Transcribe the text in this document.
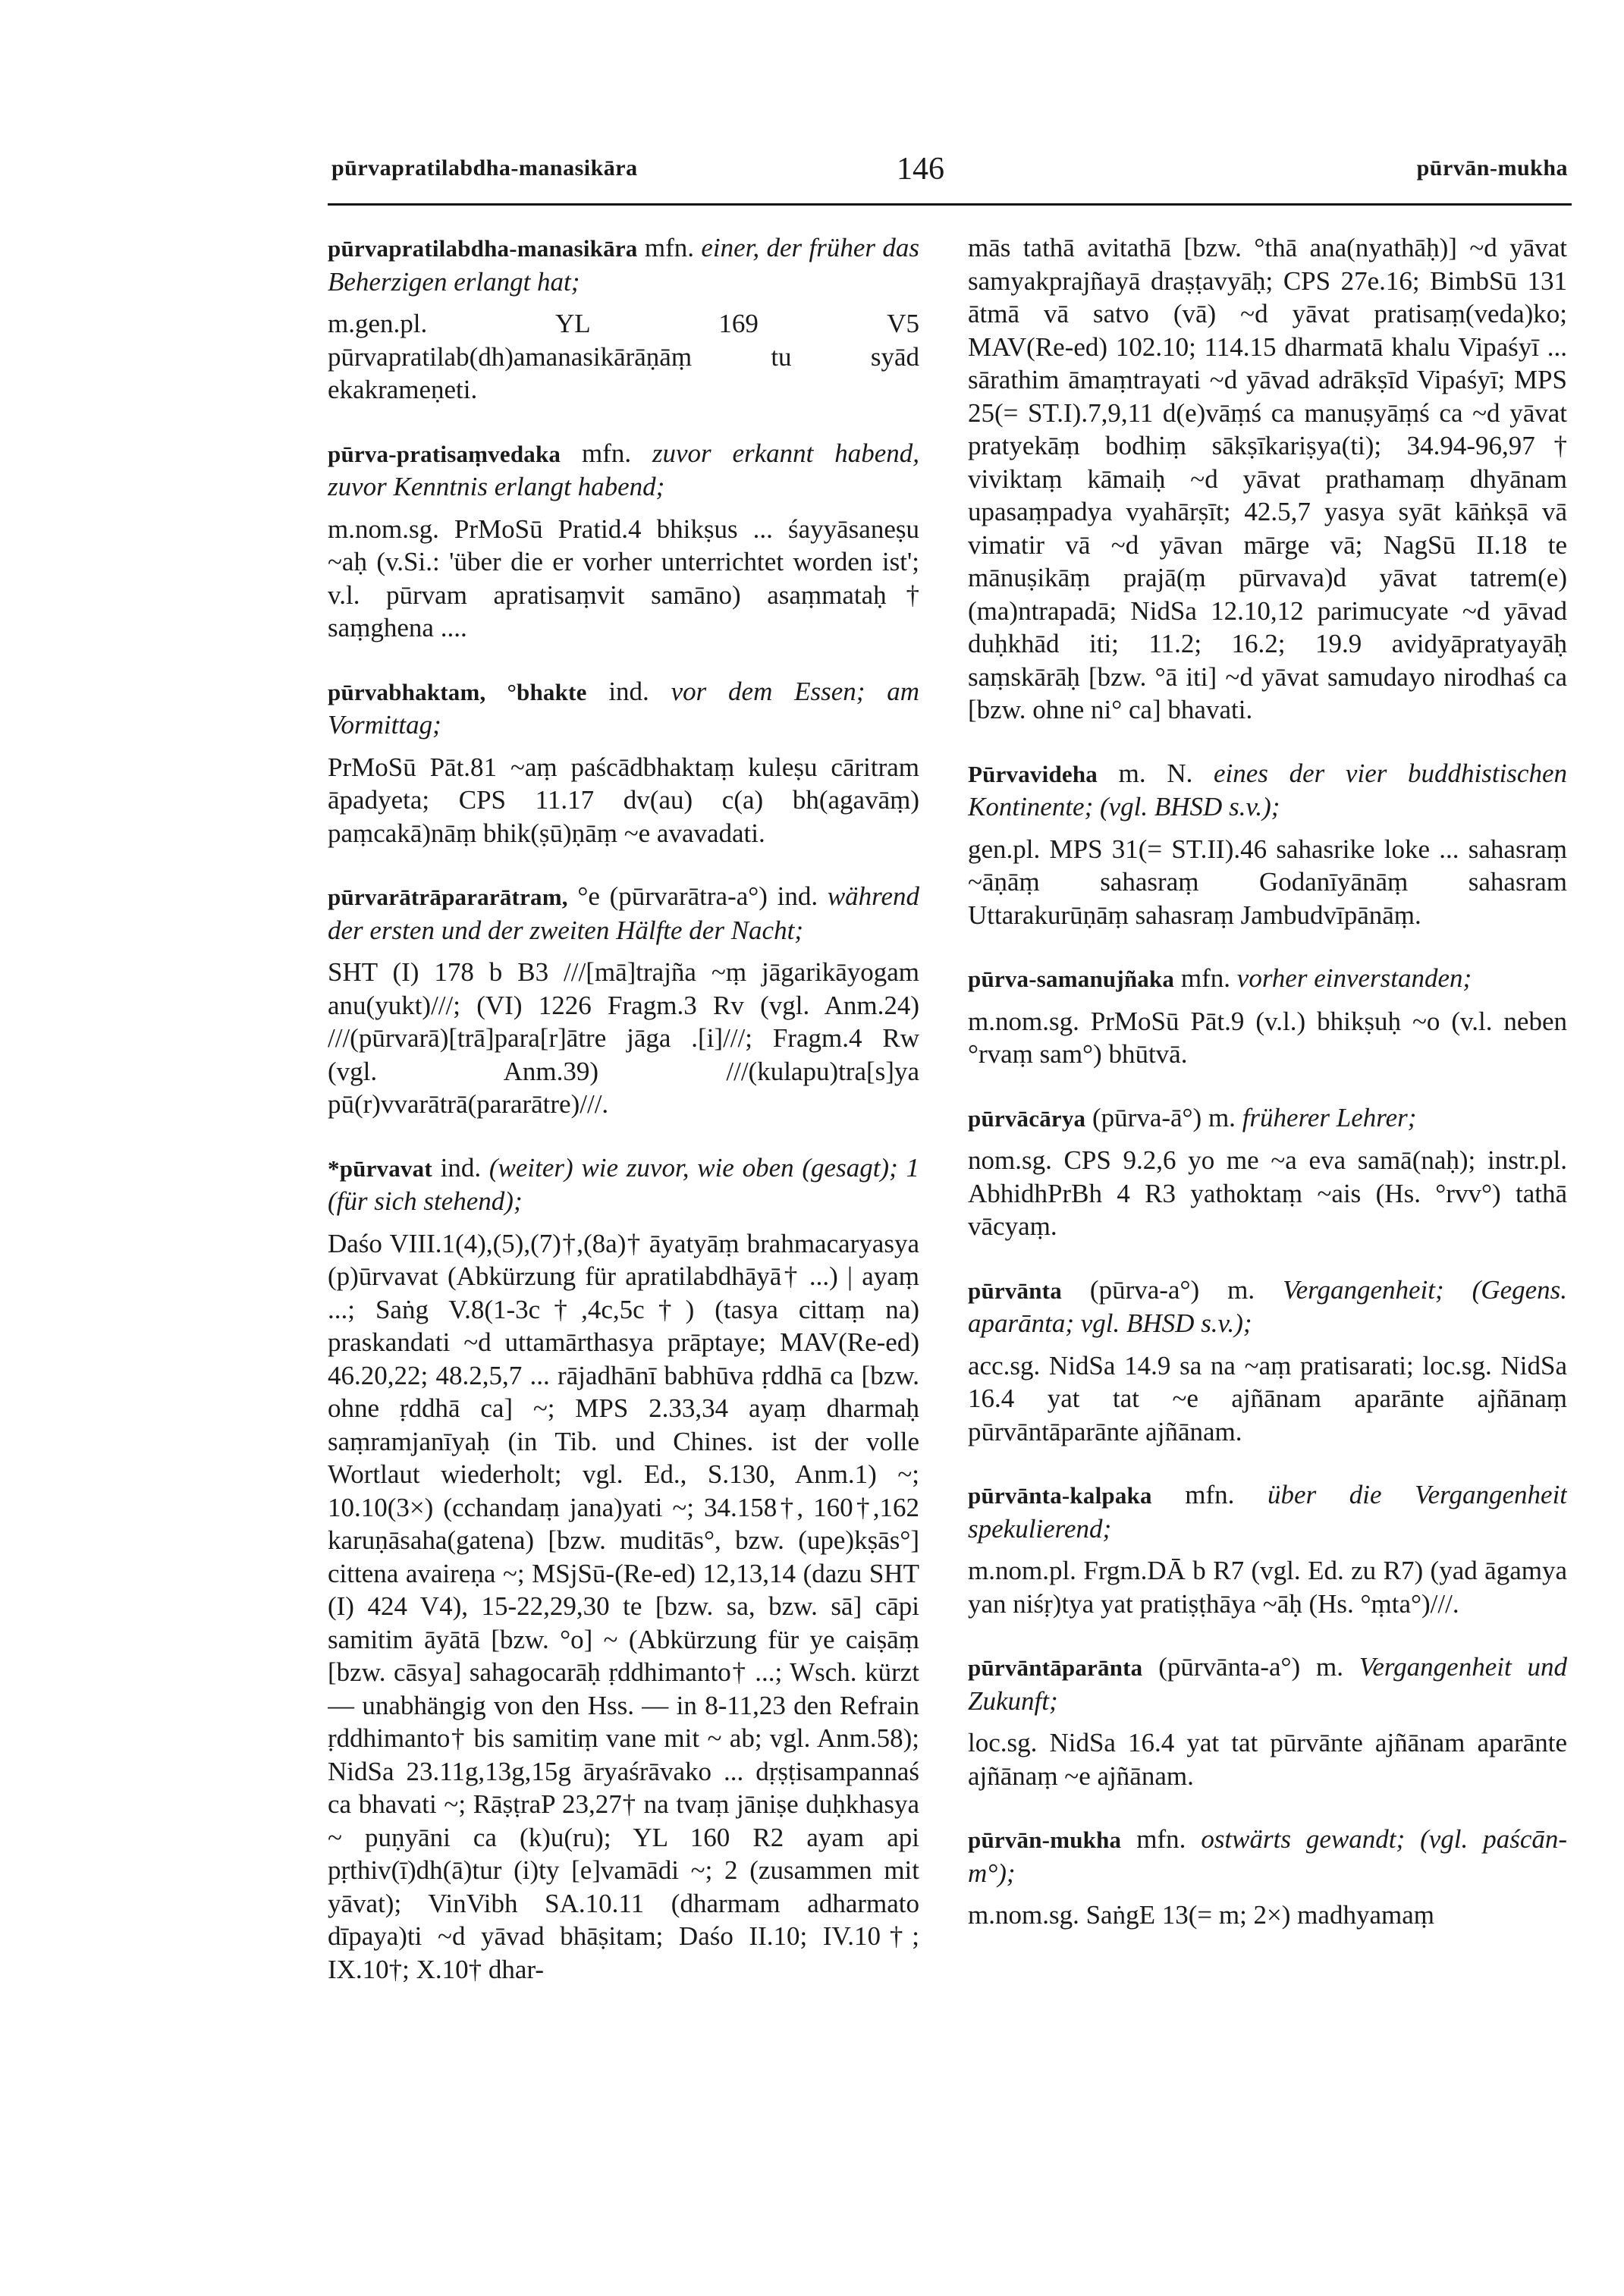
pūrvapratilabdha-manasikāra	146	pūrvān-mukha

pūrvapratilabdha-manasikāra mfn. einer, der früher das Beherzigen erlangt hat;

m.gen.pl. YL 169 V5 pūrvapratilab(dh)amanasikārāṇāṃ tu syād ekakrameṇeti.

pūrva-pratisaṃvedaka mfn. zuvor erkannt habend, zuvor Kenntnis erlangt habend;

m.nom.sg. PrMoSū Pratid.4 bhikṣus ... śayyāsaneṣu ~aḥ (v.Si.: 'über die er vorher unterrichtet worden ist'; v.l. pūrvam apratisaṃvit samāno) asaṃmataḥ† saṃghena ....

pūrvabhaktam, °bhakte ind. vor dem Essen; am Vormittag;

PrMoSū Pāt.81 ~aṃ paścādbhaktaṃ kuleṣu cāritram āpadyeta; CPS 11.17 dv(au) c(a) bh(agavāṃ) paṃcakā)nāṃ bhik(ṣū)ṇāṃ ~e avavadati.

pūrvarātrāpararātram, °e (pūrvarātra-a°) ind. während der ersten und der zweiten Hälfte der Nacht;

SHT (I) 178 b B3 ///[mā]trajña ~ṃ jāgarikāyogam anu(yukt)///; (VI) 1226 Fragm.3 Rv (vgl. Anm.24) ///(pūrvarā)[trā]para[r]ātre jāga .[i]///; Fragm.4 Rw (vgl. Anm.39) ///(kulapu)tra[s]ya pū(r)vvarātrā(pararātre)///.

*pūrvavat ind. (weiter) wie zuvor, wie oben (gesagt); 1 (für sich stehend);

Daśo VIII.1(4),(5),(7)†,(8a)† āyatyāṃ brahmacaryasya (p)ūrvavat (Abkürzung für apratilabdhāyā† ...) | ayaṃ ...; Saṅg V.8(1-3c†,4c,5c†) (tasya cittaṃ na) praskandati ~d uttamārthasya prāptaye; MAV(Re-ed) 46.20,22; 48.2,5,7 ... rājadhānī babhūva ṛddhā ca [bzw. ohne ṛddhā ca] ~; MPS 2.33,34 ayaṃ dharmaḥ saṃramjanīyaḥ (in Tib. und Chines. ist der volle Wortlaut wiederholt; vgl. Ed., S.130, Anm.1) ~; 10.10(3×) (cchandaṃ jana)yati ~; 34.158†, 160†,162 karuṇāsaha(gatena) [bzw. muditās°, bzw. (upe)kṣās°] cittena avaireṇa ~; MSjSū-(Re-ed) 12,13,14 (dazu SHT (I) 424 V4), 15-22,29,30 te [bzw. sa, bzw. sā] cāpi samitim āyātā [bzw. °o] ~ (Abkürzung für ye caiṣāṃ [bzw. cāsya] sahagocarāḥ ṛddhimanto† ...; Wsch. kürzt — unabhängig von den Hss. — in 8-11,23 den Refrain ṛddhimanto† bis samitiṃ vane mit ~ ab; vgl. Anm.58); NidSa 23.11g,13g,15g āryaśrāvako ... dṛṣṭisampannaś ca bhavati ~; RāṣṭraP 23,27† na tvaṃ jāniṣe duḥkhasya ~ puṇyāni ca (k)u(ru); YL 160 R2 ayam api pṛthiv(ī)dh(ā)tur (i)ty [e]vamādi ~; 2 (zusammen mit yāvat); VinVibh SA.10.11 (dharmam adharmato dīpaya)ti ~d yāvad bhāṣitam; Daśo II.10; IV.10†; IX.10†; X.10† dhar-

mās tathā avitathā [bzw. °thā ana(nyathāḥ)] ~d yāvat samyakprajñayā draṣṭavyāḥ; CPS 27e.16; BimbSū 131 ātmā vā satvo (vā) ~d yāvat pratisaṃ(veda)ko; MAV(Re-ed) 102.10; 114.15 dharmatā khalu Vipaśyī ... sārathim āmaṃtrayati ~d yāvad adrākṣīd Vipaśyī; MPS 25(= ST.I).7,9,11 d(e)vāṃś ca manuṣyāṃś ca ~d yāvat pratyekāṃ bodhiṃ sākṣīkariṣya(ti); 34.94-96,97† viviktaṃ kāmaiḥ ~d yāvat prathamaṃ dhyānam upasaṃpadya vyahārṣīt; 42.5,7 yasya syāt kāṅkṣā vā vimatir vā ~d yāvan mārge vā; NagSū II.18 te mānuṣikāṃ prajā(ṃ pūrvava)d yāvat tatrem(e) (ma)ntrapadā; NidSa 12.10,12 parimucyate ~d yāvad duḥkhād iti; 11.2; 16.2; 19.9 avidyāpratyayāḥ saṃskārāḥ [bzw. °ā iti] ~d yāvat samudayo nirodhaś ca [bzw. ohne ni° ca] bhavati.

Pūrvavideha m. N. eines der vier buddhistischen Kontinente; (vgl. BHSD s.v.);

gen.pl. MPS 31(= ST.II).46 sahasrike loke ... sahasraṃ ~āṇāṃ sahasraṃ Godanīyānāṃ sahasram Uttarakurūṇāṃ sahasraṃ Jambudvīpānāṃ.

pūrva-samanujñaka mfn. vorher einverstanden;

m.nom.sg. PrMoSū Pāt.9 (v.l.) bhikṣuḥ ~o (v.l. neben °rvaṃ sam°) bhūtvā.

pūrvācārya (pūrva-ā°) m. früherer Lehrer;

nom.sg. CPS 9.2,6 yo me ~a eva samā(naḥ); instr.pl. AbhidhPrBh 4 R3 yathoktaṃ ~ais (Hs. °rvv°) tathā vācyaṃ.

pūrvānta (pūrva-a°) m. Vergangenheit; (Gegens. aparānta; vgl. BHSD s.v.);

acc.sg. NidSa 14.9 sa na ~aṃ pratisarati; loc.sg. NidSa 16.4 yat tat ~e ajñānam aparānte ajñānaṃ pūrvāntāparānte ajñānam.

pūrvānta-kalpaka mfn. über die Vergangenheit spekulierend;

m.nom.pl. Frgm.DĀ b R7 (vgl. Ed. zu R7) (yad āgamya yan niśṛ)tya yat pratiṣṭhāya ~āḥ (Hs. °ṃta°)///.

pūrvāntāparānta (pūrvānta-a°) m. Vergangenheit und Zukunft;

loc.sg. NidSa 16.4 yat tat pūrvānte ajñānam aparānte ajñānaṃ ~e ajñānam.

pūrvān-mukha mfn. ostwärts gewandt; (vgl. paścān-m°);

m.nom.sg. SaṅgE 13(= m; 2×) madhyamaṃ
